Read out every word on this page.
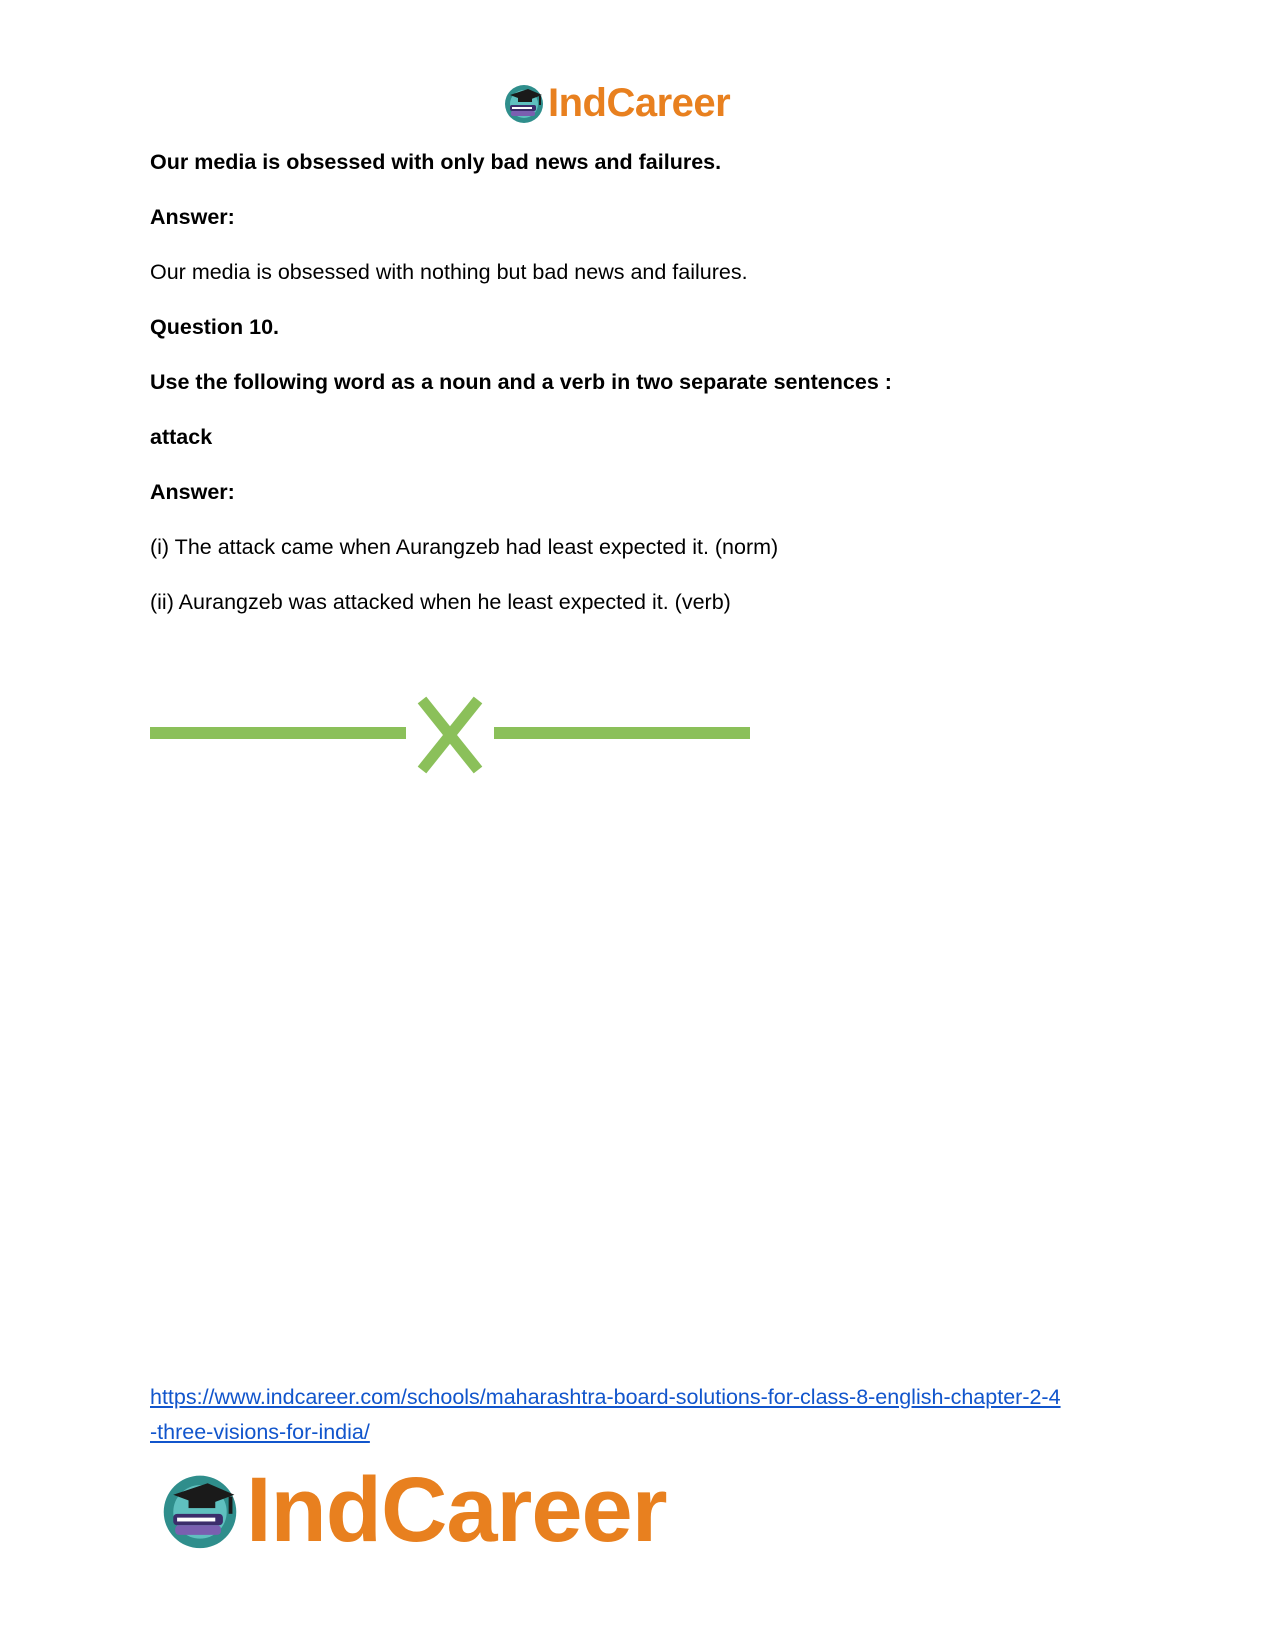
IndCareer
Our media is obsessed with only bad news and failures.
Answer:
Our media is obsessed with nothing but bad news and failures.
Question 10.
Use the following word as a noun and a verb in two separate sentences :
attack
Answer:
(i) The attack came when Aurangzeb had least expected it. (norm)
(ii) Aurangzeb was attacked when he least expected it. (verb)
https://www.indcareer.com/schools/maharashtra-board-solutions-for-class-8-english-chapter-2-4
-three-visions-for-india/
IndCareer
